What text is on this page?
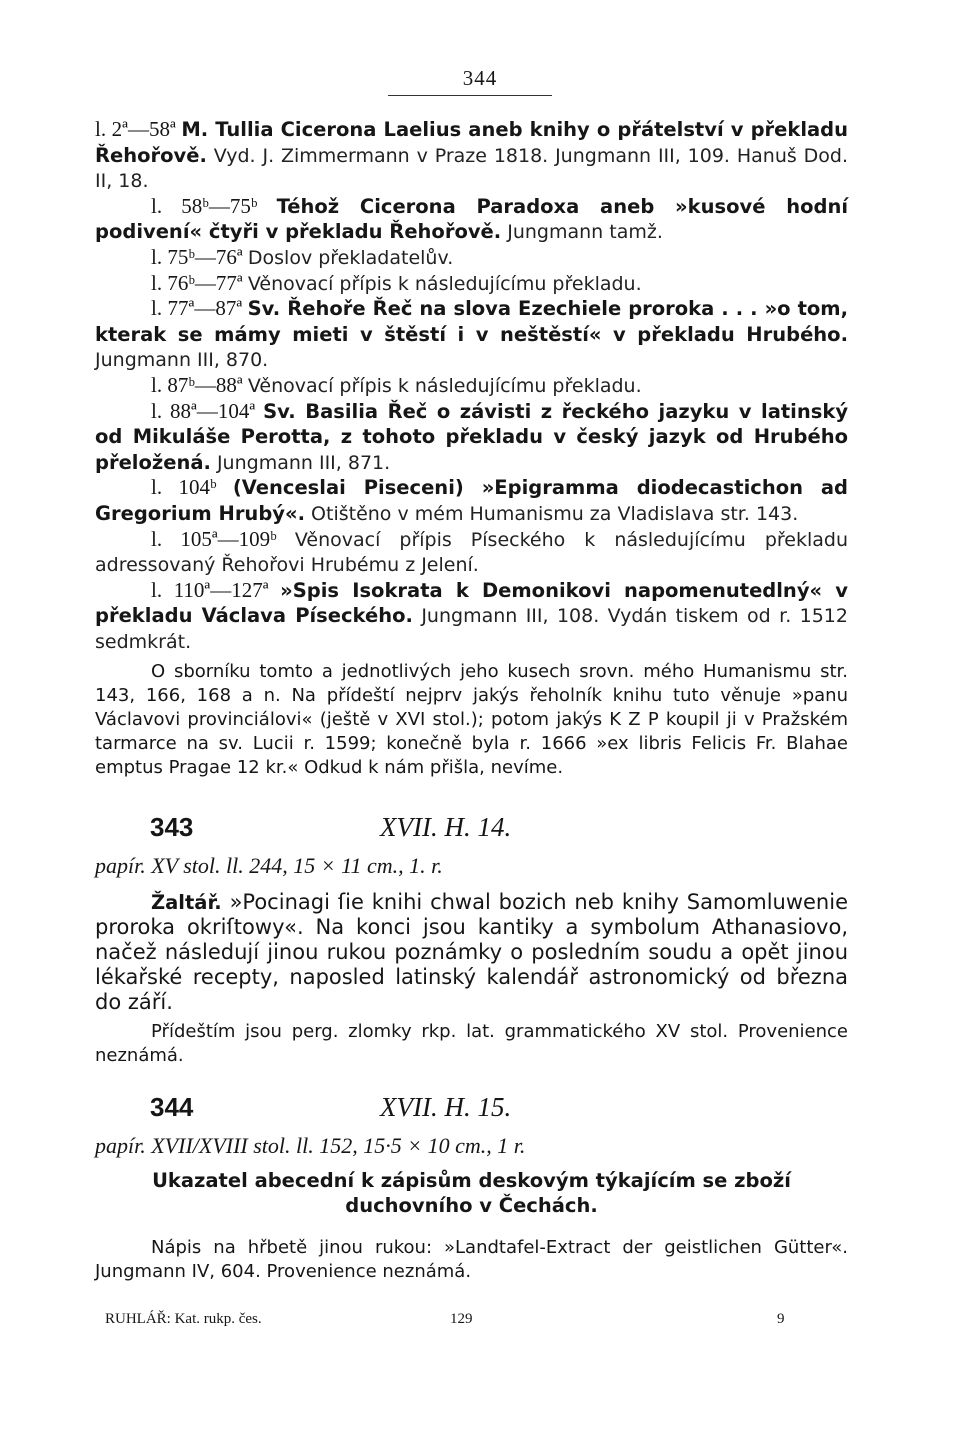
344

l. 2ª—58ª M. Tullia Cicerona Laelius aneb knihy o přátelství v překladu Řehořově. Vyd. J. Zimmermann v Praze 1818. Jungmann III, 109. Hanuš Dod. II, 18.

l. 58ᵇ—75ᵇ Téhož Cicerona Paradoxa aneb »kusové hodní podivení« čtyři v překladu Řehořově. Jungmann tamž.

l. 75ᵇ—76ª Doslov překladatelův.

l. 76ᵇ—77ª Věnovací přípis k následujícímu překladu.

l. 77ª—87ª Sv. Řehoře Řeč na slova Ezechiele proroka . . . »o tom, kterak se mámy mieti v štěstí i v neštěstí« v překladu Hrubého. Jungmann III, 870.

l. 87ᵇ—88ª Věnovací přípis k následujícímu překladu.

l. 88ª—104ª Sv. Basilia Řeč o závisti z řeckého jazyku v latinský od Mikuláše Perotta, z tohoto překladu v český jazyk od Hrubého přeložená. Jungmann III, 871.

l. 104ᵇ (Venceslai Piseceni) »Epigramma diodecastichon ad Gregorium Hrubý«. Otištěno v mém Humanismu za Vladislava str. 143.

l. 105ª—109ᵇ Věnovací přípis Píseckého k následujícímu překladu adressovaný Řehořovi Hrubému z Jelení.

l. 110ª—127ª »Spis Isokrata k Demonikovi napomenutedlný« v překladu Václava Píseckého. Jungmann III, 108. Vydán tiskem od r. 1512 sedmkrát.

O sborníku tomto a jednotlivých jeho kusech srovn. mého Humanismu str. 143, 166, 168 a n. Na přídeští nejprv jakýs řeholník knihu tuto věnuje »panu Václavovi provinciálovi« (ještě v XVI stol.); potom jakýs K Z P koupil ji v Pražském tarmarce na sv. Lucii r. 1599; konečně byla r. 1666 »ex libris Felicis Fr. Blahae emptus Pragae 12 kr.« Odkud k nám přišla, nevíme.

343	XVII. H. 14.
papír. XV stol. ll. 244, 15 × 11 cm., 1. r.

Žaltář. »Pocinagi ſie knihi chwal bozich neb knihy Samomluwenie proroka okriſtowy«. Na konci jsou kantiky a symbolum Athanasiovo, načež následují jinou rukou poznámky o posledním soudu a opět jinou lékařské recepty, naposled latinský kalendář astronomický od března do září.

Přídeštím jsou perg. zlomky rkp. lat. grammatického XV stol. Provenience neznámá.

344	XVII. H. 15.
papír. XVII/XVIII stol. ll. 152, 15·5 × 10 cm., 1 r.

Ukazatel abecední k zápisům deskovým týkajícím se zboží duchovního v Čechách.

Nápis na hřbetě jinou rukou: »Landtafel-Extract der geistlichen Gütter«. Jungmann IV, 604. Provenience neznámá.

RUHLÁŘ: Kat. rukp. čes.	129	9
